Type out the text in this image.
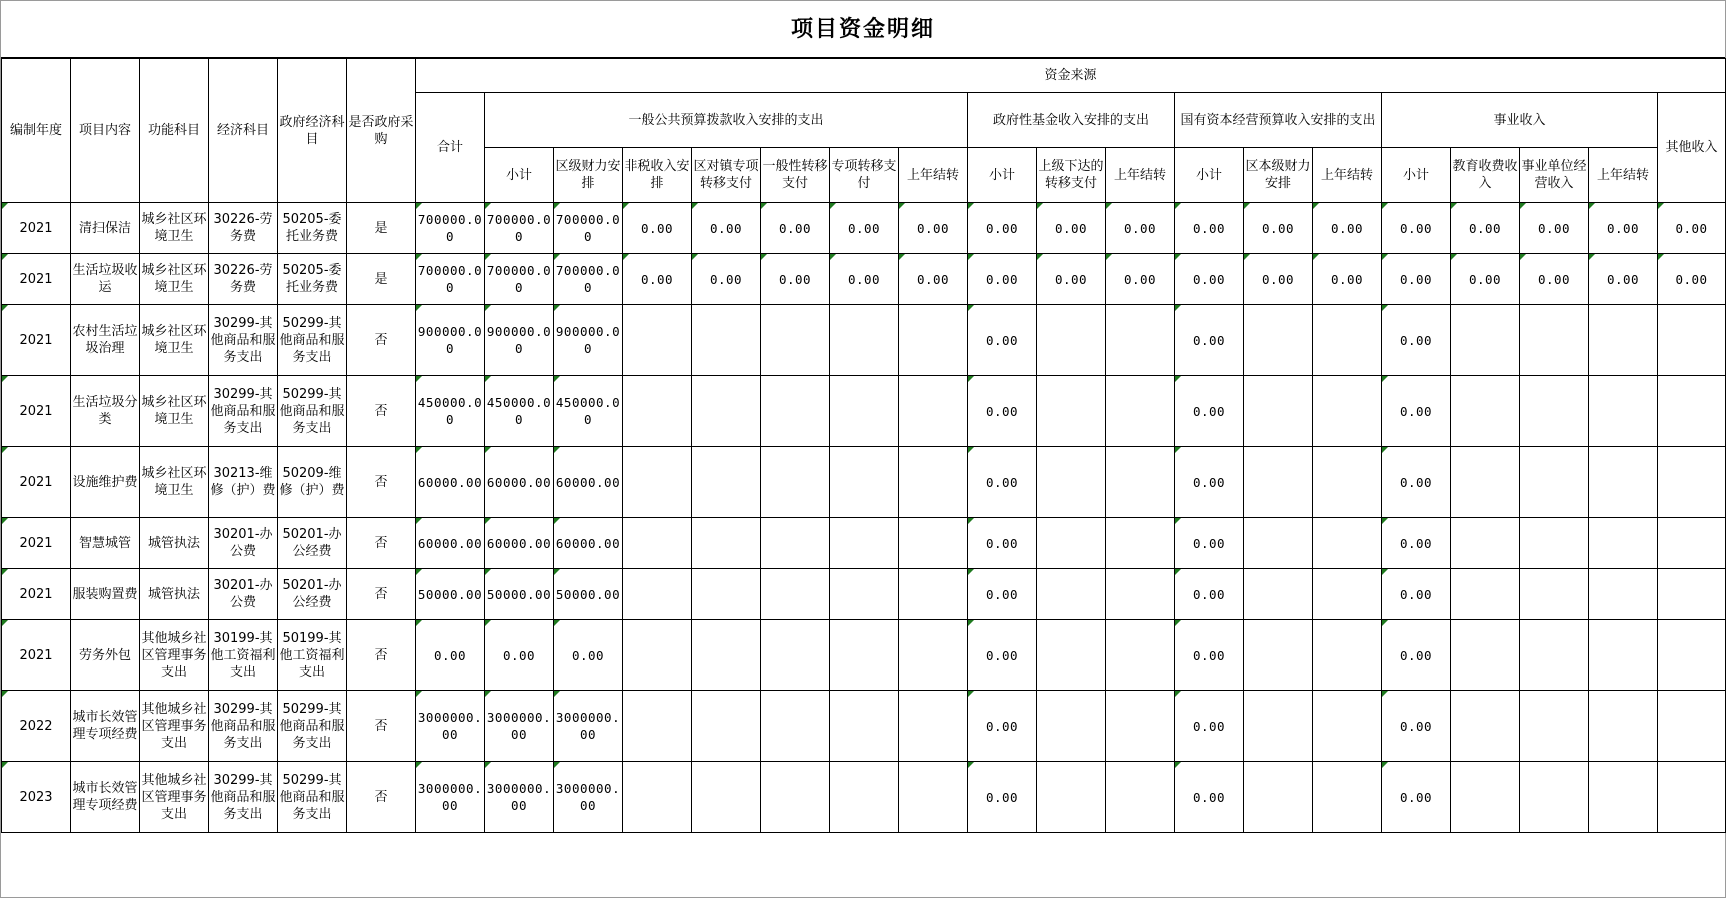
项目资金明细
编制年度	项目内容	功能科目	经济科目	政府经济科目	是否政府采购	资金来源																		
						合计	一般公共预算拨款收入安排的支出							政府性基金收入安排的支出			国有资本经营预算收入安排的支出			事业收入				其他收入
							小计	区级财力安排	非税收入安排	区对镇专项转移支付	一般性转移支付	专项转移支付	上年结转	小计	上级下达的转移支付	上年结转	小计	区本级财力安排	上年结转	小计	教育收费收入	事业单位经营收入	上年结转	
2021	清扫保洁	城乡社区环境卫生	30226-劳务费	50205-委托业务费	是	700000.00	700000.00	700000.00	0.00	0.00	0.00	0.00	0.00	0.00	0.00	0.00	0.00	0.00	0.00	0.00	0.00	0.00	0.00	0.00
2021	生活垃圾收运	城乡社区环境卫生	30226-劳务费	50205-委托业务费	是	700000.00	700000.00	700000.00	0.00	0.00	0.00	0.00	0.00	0.00	0.00	0.00	0.00	0.00	0.00	0.00	0.00	0.00	0.00	0.00
2021	农村生活垃圾治理	城乡社区环境卫生	30299-其他商品和服务支出	50299-其他商品和服务支出	否	900000.00	900000.00	900000.00						0.00			0.00			0.00				
2021	生活垃圾分类	城乡社区环境卫生	30299-其他商品和服务支出	50299-其他商品和服务支出	否	450000.00	450000.00	450000.00						0.00			0.00			0.00				
2021	设施维护费	城乡社区环境卫生	30213-维修（护）费	50209-维修（护）费	否	60000.00	60000.00	60000.00						0.00			0.00			0.00				
2021	智慧城管	城管执法	30201-办公费	50201-办公经费	否	60000.00	60000.00	60000.00						0.00			0.00			0.00				
2021	服装购置费	城管执法	30201-办公费	50201-办公经费	否	50000.00	50000.00	50000.00						0.00			0.00			0.00				
2021	劳务外包	其他城乡社区管理事务支出	30199-其他工资福利支出	50199-其他工资福利支出	否	0.00	0.00	0.00						0.00			0.00			0.00				
2022	城市长效管理专项经费	其他城乡社区管理事务支出	30299-其他商品和服务支出	50299-其他商品和服务支出	否	3000000.00	3000000.00	3000000.00						0.00			0.00			0.00				
2023	城市长效管理专项经费	其他城乡社区管理事务支出	30299-其他商品和服务支出	50299-其他商品和服务支出	否	3000000.00	3000000.00	3000000.00						0.00			0.00			0.00				
